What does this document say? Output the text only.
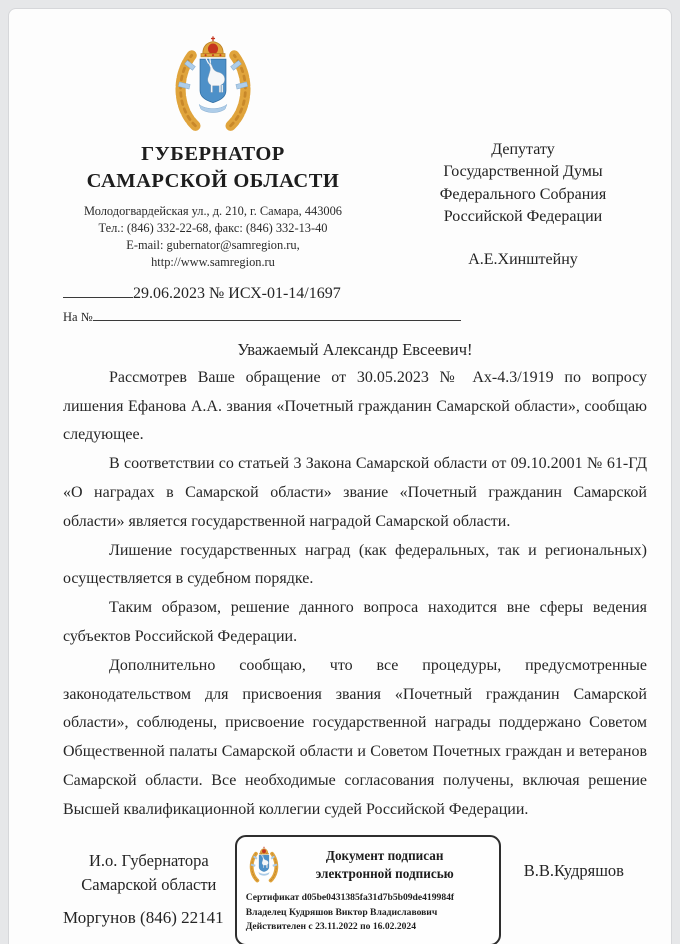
ГУБЕРНАТОР
САМАРСКОЙ ОБЛАСТИ
Молодогвардейская ул., д. 210, г. Самара, 443006
Тел.: (846) 332-22-68, факс: (846) 332-13-40
E-mail: gubernator@samregion.ru,
http://www.samregion.ru
Депутату
Государственной Думы
Федерального Собрания
Российской Федерации
А.Е.Хинштейну
29.06.2023 № ИСХ-01-14/1697
На №
Уважаемый Александр Евсеевич!

Рассмотрев Ваше обращение от 30.05.2023 № Ах-4.3/1919 по вопросу лишения Ефанова А.А. звания «Почетный гражданин Самарской области», сообщаю следующее.

В соответствии со статьей 3 Закона Самарской области от 09.10.2001 № 61-ГД «О наградах в Самарской области» звание «Почетный гражданин Самарской области» является государственной наградой Самарской области.

Лишение государственных наград (как федеральных, так и региональных) осуществляется в судебном порядке.

Таким образом, решение данного вопроса находится вне сферы ведения субъектов Российской Федерации.

Дополнительно сообщаю, что все процедуры, предусмотренные законодательством для присвоения звания «Почетный гражданин Самарской области», соблюдены, присвоение государственной награды поддержано Советом Общественной палаты Самарской области и Советом Почетных граждан и ветеранов Самарской области. Все необходимые согласования получены, включая решение Высшей квалификационной коллегии судей Российской Федерации.

И.о. Губернатора
Самарской области
Документ подписан
электронной подписью
Сертификат d05be0431385fa31d7b5b09de419984f
Владелец Кудряшов Виктор Владиславович
Действителен с 23.11.2022 по 16.02.2024
В.В.Кудряшов
Моргунов (846) 22141
